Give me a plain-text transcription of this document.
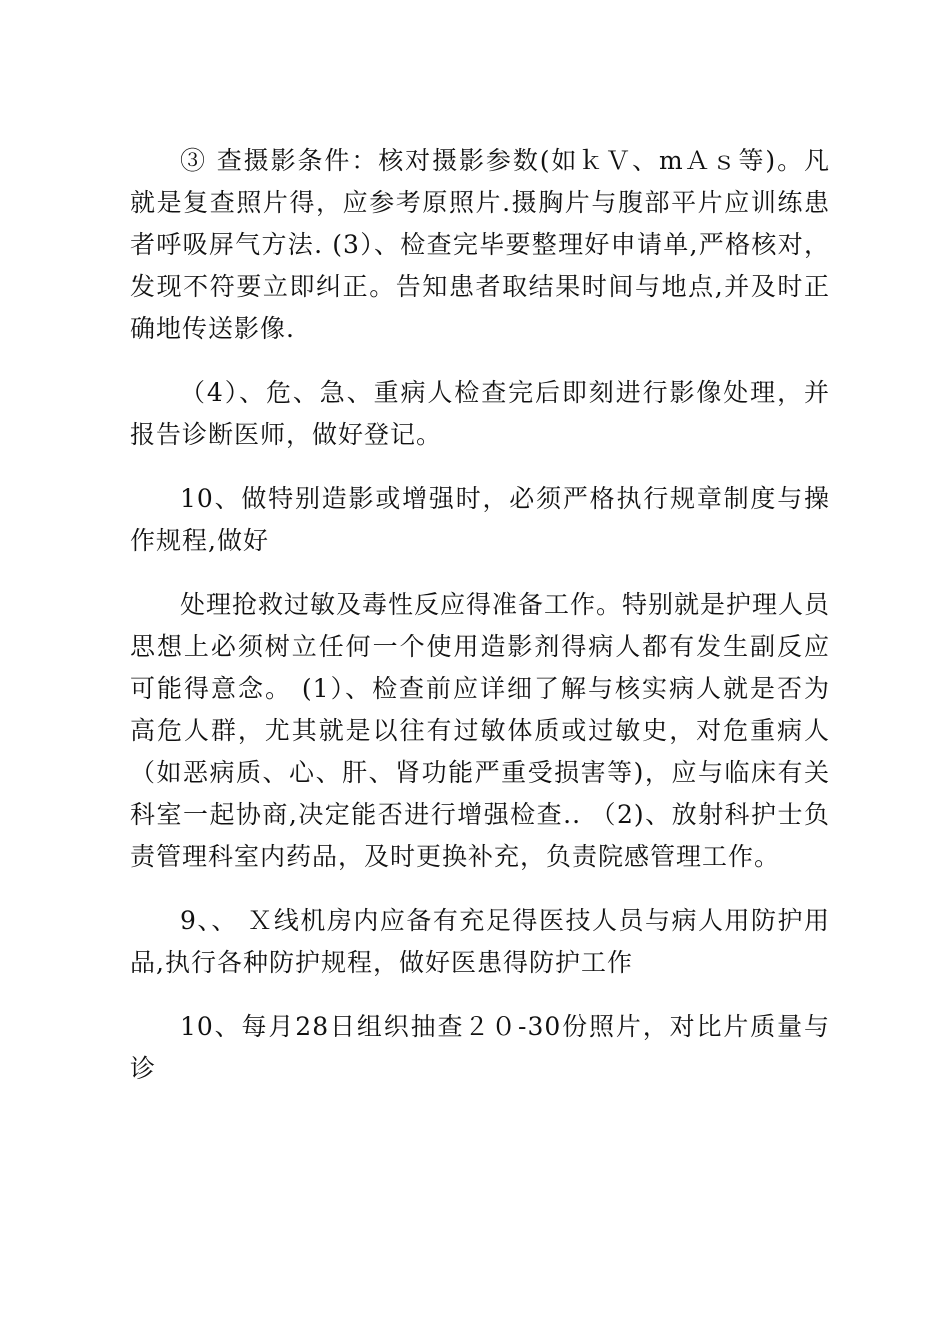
③ 查摄影条件：核对摄影参数(如ｋＶ、mＡｓ等)。凡就是复查照片得，应参考原照片.摄胸片与腹部平片应训练患者呼吸屏气方法. (3）、检查完毕要整理好申请单,严格核对，发现不符要立即纠正。告知患者取结果时间与地点,并及时正确地传送影像.

（4）、危、急、重病人检查完后即刻进行影像处理，并报告诊断医师，做好登记。

10、做特别造影或增强时，必须严格执行规章制度与操作规程,做好

处理抢救过敏及毒性反应得准备工作。特别就是护理人员思想上必须树立任何一个使用造影剂得病人都有发生副反应可能得意念。 (1）、检查前应详细了解与核实病人就是否为高危人群，尤其就是以往有过敏体质或过敏史，对危重病人（如恶病质、心、肝、肾功能严重受损害等)，应与临床有关科室一起协商,决定能否进行增强检查.. （2)、放射科护士负责管理科室内药品，及时更换补充，负责院感管理工作。

9、、 Ｘ线机房内应备有充足得医技人员与病人用防护用品,执行各种防护规程，做好医患得防护工作

10、每月28日组织抽查２０-30份照片，对比片质量与诊
